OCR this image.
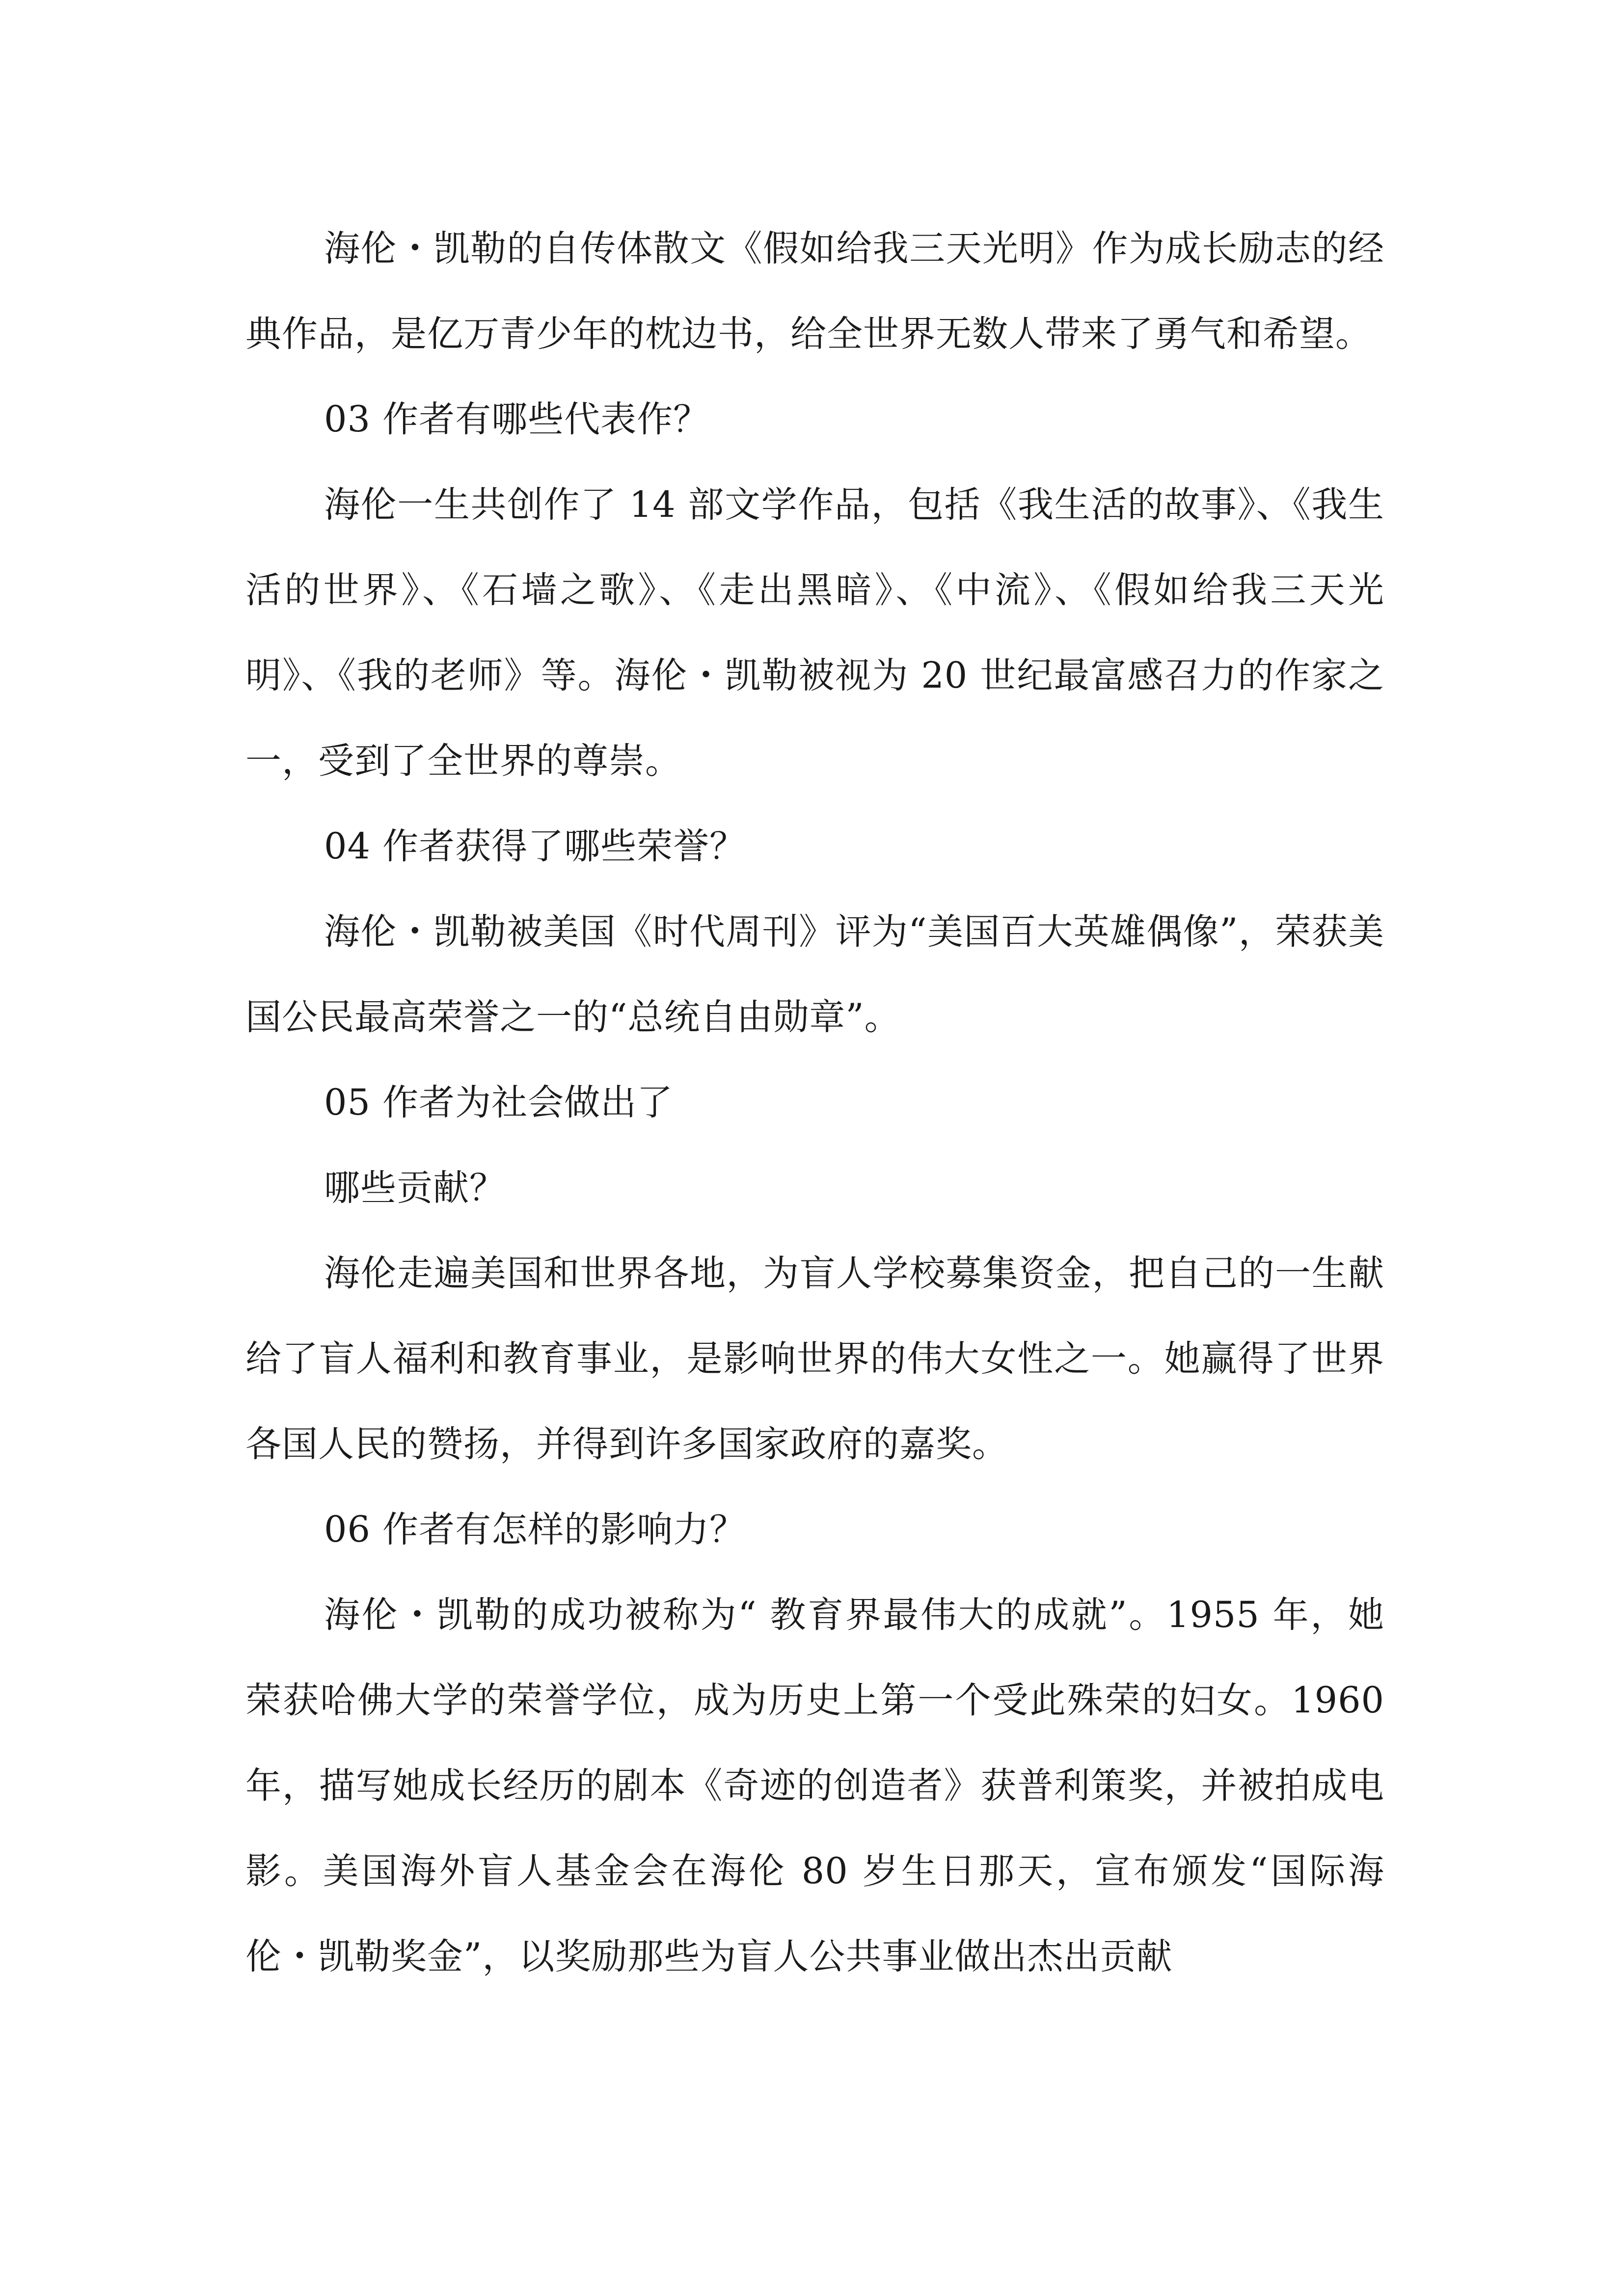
海伦・凯勒的自传体散文《假如给我三天光明》作为成长励志的经典作品，是亿万青少年的枕边书，给全世界无数人带来了勇气和希望。

03 作者有哪些代表作？

海伦一生共创作了 14 部文学作品，包括《我生活的故事》、《我生活的世界》、《石墙之歌》、《走出黑暗》、《中流》、《假如给我三天光明》、《我的老师》等。海伦・凯勒被视为 20 世纪最富感召力的作家之一，受到了全世界的尊崇。

04 作者获得了哪些荣誉？

海伦・凯勒被美国《时代周刊》评为“美国百大英雄偶像”，荣获美国公民最高荣誉之一的“总统自由勋章”。

05 作者为社会做出了

哪些贡献？

海伦走遍美国和世界各地，为盲人学校募集资金，把自己的一生献给了盲人福利和教育事业，是影响世界的伟大女性之一。她赢得了世界各国人民的赞扬，并得到许多国家政府的嘉奖。

06 作者有怎样的影响力？

海伦・凯勒的成功被称为“ 教育界最伟大的成就”。1955 年，她荣获哈佛大学的荣誉学位，成为历史上第一个受此殊荣的妇女。1960 年，描写她成长经历的剧本《奇迹的创造者》获普利策奖，并被拍成电影。美国海外盲人基金会在海伦 80 岁生日那天，宣布颁发“国际海伦・凯勒奖金”，以奖励那些为盲人公共事业做出杰出贡献
